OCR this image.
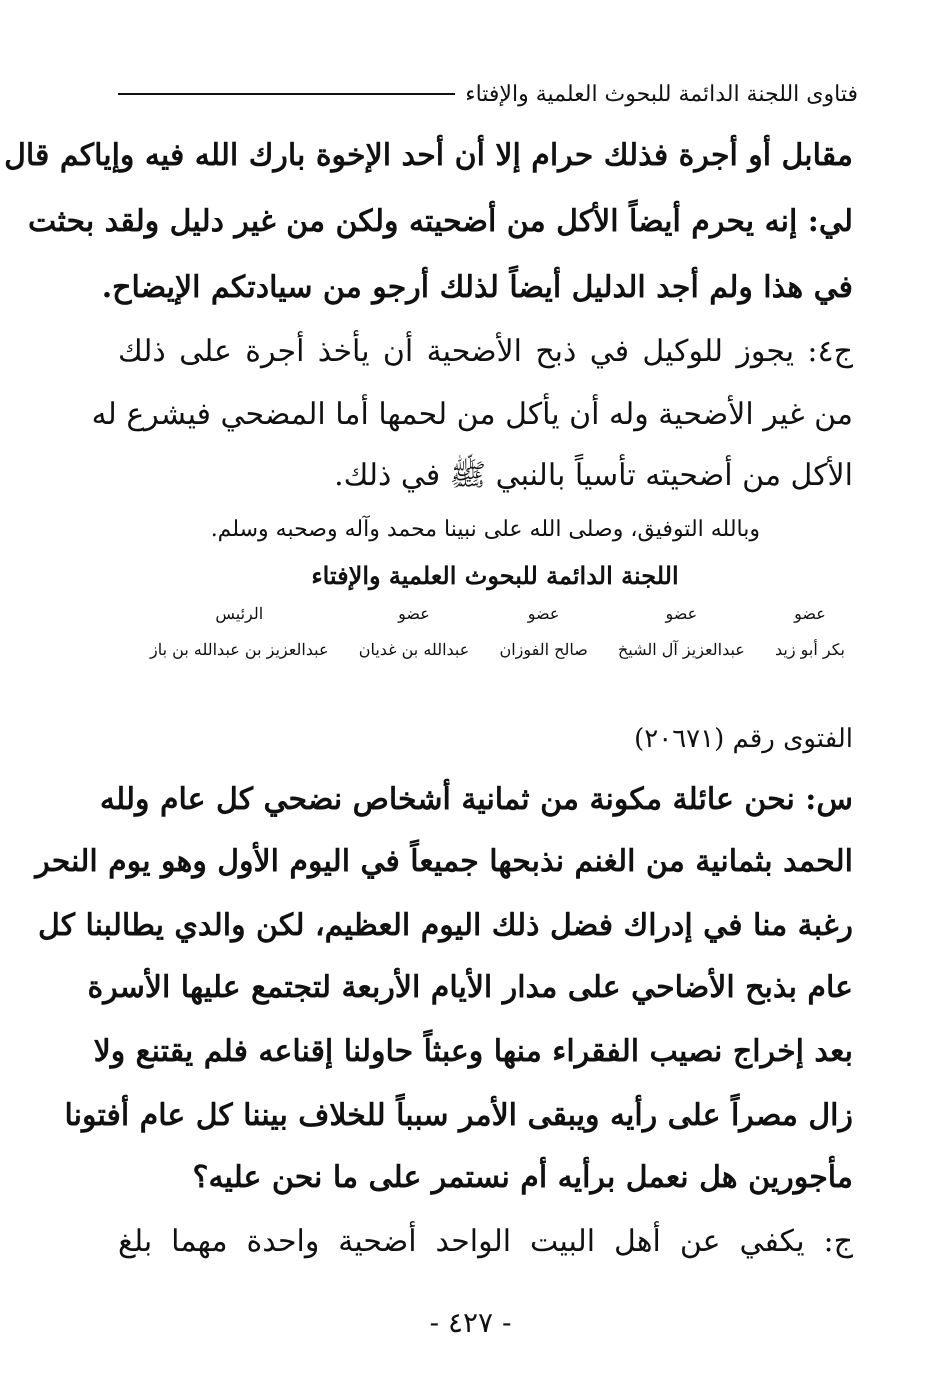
فتاوى اللجنة الدائمة للبحوث العلمية والإفتاء
مقابل أو أجرة فذلك حرام إلا أن أحد الإخوة بارك الله فيه وإياكم قال
لي: إنه يحرم أيضاً الأكل من أضحيته ولكن من غير دليل ولقد بحثت
في هذا ولم أجد الدليل أيضاً لذلك أرجو من سيادتكم الإيضاح.
ج٤: يجوز للوكيل في ذبح الأضحية أن يأخذ أجرة على ذلك
من غير الأضحية وله أن يأكل من لحمها أما المضحي فيشرع له
الأكل من أضحيته تأسياً بالنبي ﷺ في ذلك.
وبالله التوفيق، وصلى الله على نبينا محمد وآله وصحبه وسلم.
اللجنة الدائمة للبحوث العلمية والإفتاء
عضو
بكر أبو زيد
عضو
عبدالعزيز آل الشيخ
عضو
صالح الفوزان
عضو
عبدالله بن غديان
الرئيس
عبدالعزيز بن عبدالله بن باز
الفتوى رقم (٢٠٦٧١)
س: نحن عائلة مكونة من ثمانية أشخاص نضحي كل عام ولله
الحمد بثمانية من الغنم نذبحها جميعاً في اليوم الأول وهو يوم النحر
رغبة منا في إدراك فضل ذلك اليوم العظيم، لكن والدي يطالبنا كل
عام بذبح الأضاحي على مدار الأيام الأربعة لتجتمع عليها الأسرة
بعد إخراج نصيب الفقراء منها وعبثاً حاولنا إقناعه فلم يقتنع ولا
زال مصراً على رأيه ويبقى الأمر سبباً للخلاف بيننا كل عام أفتونا
مأجورين هل نعمل برأيه أم نستمر على ما نحن عليه؟
ج: يكفي عن أهل البيت الواحد أضحية واحدة مهما بلغ
- ٤٢٧ -
